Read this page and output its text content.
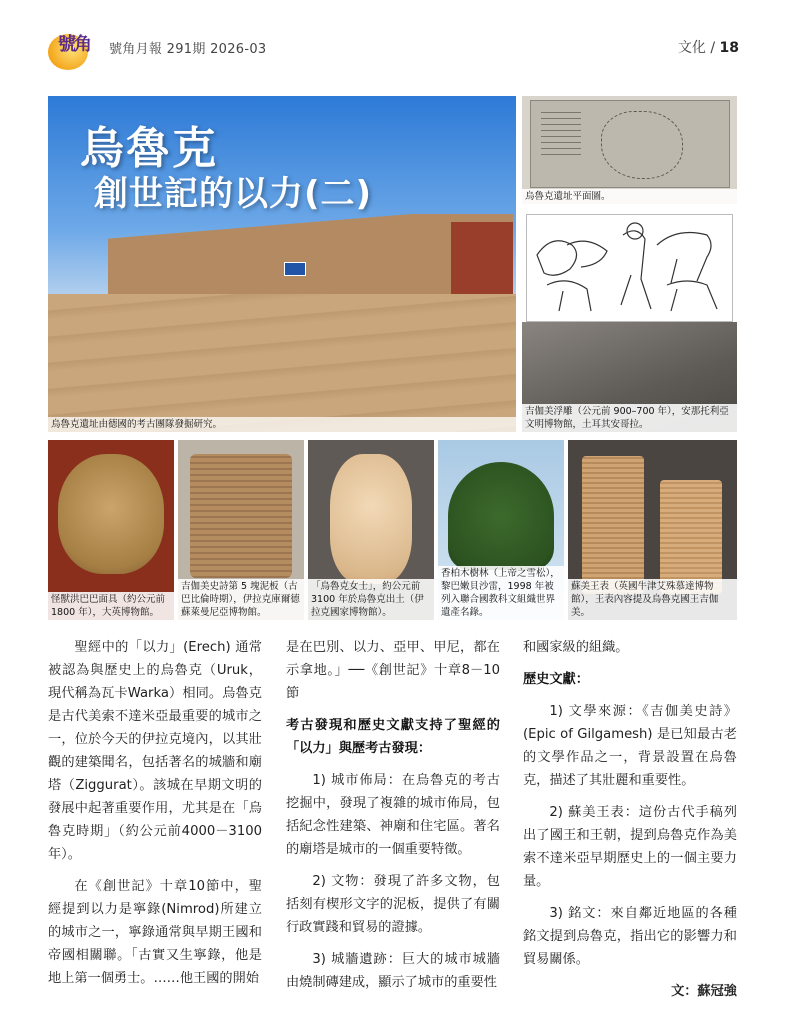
號角 號角月報 291期 2026-03	文化 / 18
烏魯克
創世記的以力(二)
烏魯克遺址由德國的考古團隊發掘研究。
烏魯克遺址平面圖。
吉伽美浮雕（公元前 900–700 年），安那托利亞文明博物館，土耳其安哥拉。
怪獸洪巴巴面具（約公元前 1800 年），大英博物館。
吉伽美史詩第 5 塊泥板（古巴比倫時期），伊拉克庫爾德蘇萊曼尼亞博物館。
「烏魯克女士」，約公元前 3100 年於烏魯克出土（伊拉克國家博物館）。
香柏木樹林（上帝之雪松），黎巴嫩貝沙雷，1998 年被列入聯合國教科文組織世界遺產名錄。
蘇美王表（英國牛津艾殊慕達博物館），王表內容提及烏魯克國王吉伽美。

聖經中的「以力」(Erech) 通常被認為與歷史上的烏魯克（Uruk，現代稱為瓦卡Warka）相同。烏魯克是古代美索不達米亞最重要的城市之一，位於今天的伊拉克境內，以其壯觀的建築聞名，包括著名的城牆和廟塔（Ziggurat）。該城在早期文明的發展中起著重要作用，尤其是在「烏魯克時期」（約公元前4000－3100年）。

在《創世記》十章10節中，聖經提到以力是寧錄(Nimrod)所建立的城市之一，寧錄通常與早期王國和帝國相關聯。「古實又生寧錄，他是地上第一個勇士。……他王國的開始

是在巴別、以力、亞甲、甲尼，都在示拿地。」──《創世記》十章8－10節

考古發現和歷史文獻支持了聖經的「以力」與歷考古發現：

1) 城市佈局：在烏魯克的考古挖掘中，發現了複雜的城市佈局，包括紀念性建築、神廟和住宅區。著名的廟塔是城市的一個重要特徵。

2) 文物：發現了許多文物，包括刻有楔形文字的泥板，提供了有關行政實踐和貿易的證據。

3) 城牆遺跡：巨大的城市城牆由燒制磚建成，顯示了城市的重要性

和國家級的組織。

歷史文獻：

1) 文學來源：《吉伽美史詩》(Epic of Gilgamesh) 是已知最古老的文學作品之一，背景設置在烏魯克，描述了其壯麗和重要性。

2) 蘇美王表：這份古代手稿列出了國王和王朝，提到烏魯克作為美索不達米亞早期歷史上的一個主要力量。

3) 銘文：來自鄰近地區的各種銘文提到烏魯克，指出它的影響力和貿易關係。

文：蘇冠強
